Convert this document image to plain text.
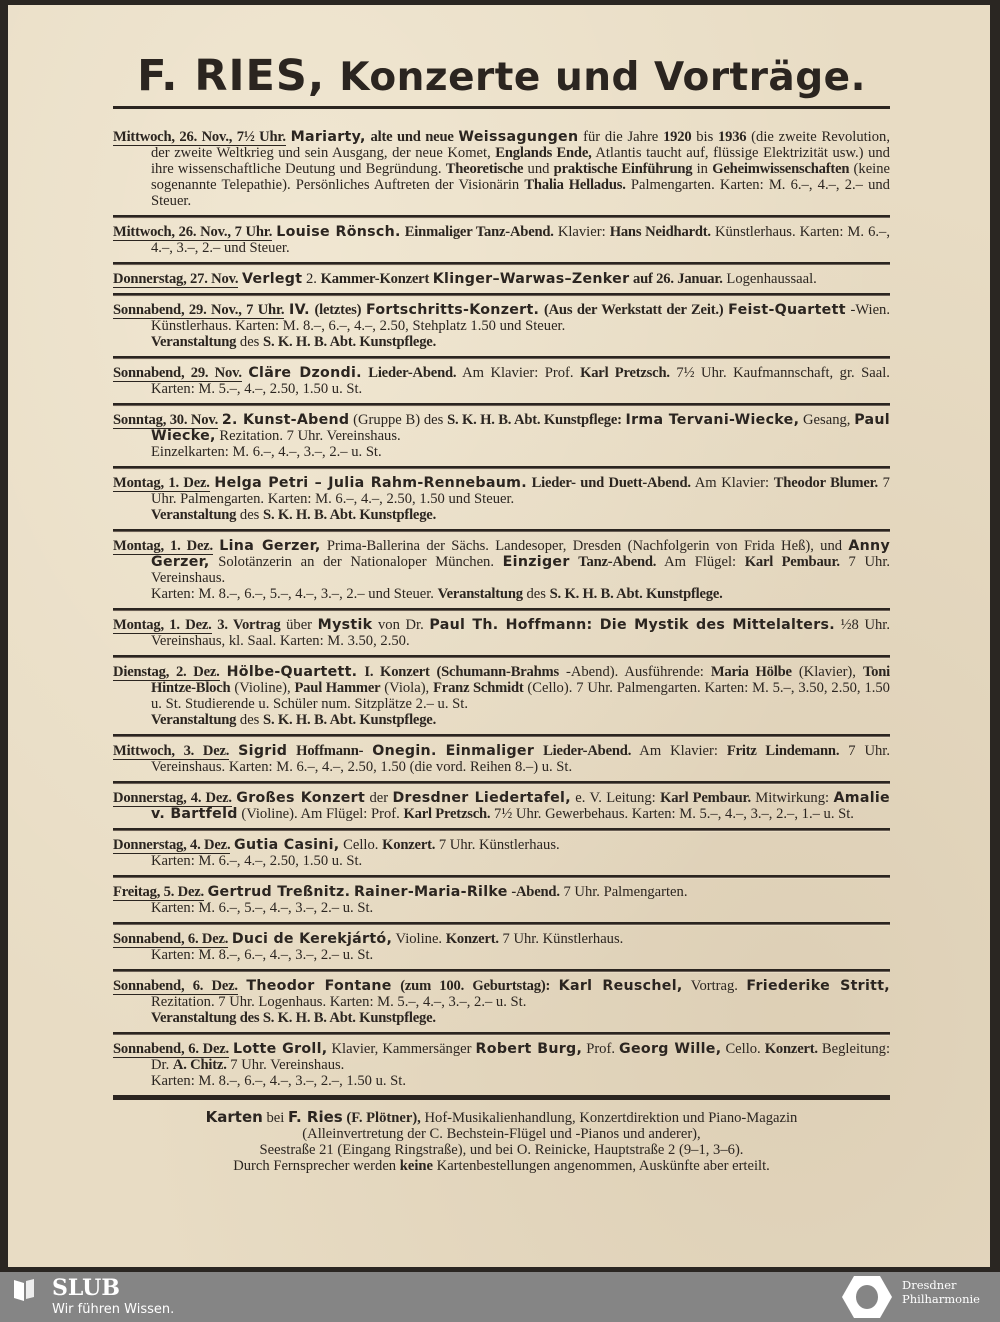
F. RIES, Konzerte und Vorträge.
Mittwoch, 26. Nov., 7½ Uhr. Mariarty, alte und neue Weissagungen für die Jahre 1920 bis 1936 (die zweite Revolution, der zweite Weltkrieg und sein Ausgang, der neue Komet, Englands Ende, Atlantis taucht auf, flüssige Elektrizität usw.) und ihre wissenschaftliche Deutung und Begründung. Theoretische und praktische Einführung in Geheimwissenschaften (keine sogenannte Telepathie). Persönliches Auftreten der Visionärin Thalia Helladus. Palmengarten. Karten: M. 6.–, 4.–, 2.– und Steuer.
Mittwoch, 26. Nov., 7 Uhr. Louise Rönsch. Einmaliger Tanz-Abend. Klavier: Hans Neidhardt. Künstlerhaus. Karten: M. 6.–, 4.–, 3.–, 2.– und Steuer.
Donnerstag, 27. Nov. Verlegt 2. Kammer-Konzert Klinger–Warwas–Zenker auf 26. Januar. Logenhaussaal.
Sonnabend, 29. Nov., 7 Uhr. IV. (letztes) Fortschritts-Konzert. (Aus der Werkstatt der Zeit.) Feist-Quartett -Wien. Künstlerhaus. Karten: M. 8.–, 6.–, 4.–, 2.50, Stehplatz 1.50 und Steuer.
Veranstaltung des S. K. H. B. Abt. Kunstpflege.
Sonnabend, 29. Nov. Cläre Dzondi. Lieder-Abend. Am Klavier: Prof. Karl Pretzsch. 7½ Uhr. Kaufmannschaft, gr. Saal. Karten: M. 5.–, 4.–, 2.50, 1.50 u. St.
Sonntag, 30. Nov. 2. Kunst-Abend (Gruppe B) des S. K. H. B. Abt. Kunstpflege: Irma Tervani-Wiecke, Gesang, Paul Wiecke, Rezitation. 7 Uhr. Vereinshaus.
Einzelkarten: M. 6.–, 4.–, 3.–, 2.– u. St.
Montag, 1. Dez. Helga Petri – Julia Rahm-Rennebaum. Lieder- und Duett-Abend. Am Klavier: Theodor Blumer. 7 Uhr. Palmengarten. Karten: M. 6.–, 4.–, 2.50, 1.50 und Steuer.
Veranstaltung des S. K. H. B. Abt. Kunstpflege.
Montag, 1. Dez. Lina Gerzer, Prima-Ballerina der Sächs. Landesoper, Dresden (Nachfolgerin von Frida Heß), und Anny Gerzer, Solotänzerin an der Nationaloper München. Einziger Tanz-Abend. Am Flügel: Karl Pembaur. 7 Uhr. Vereinshaus.
Karten: M. 8.–, 6.–, 5.–, 4.–, 3.–, 2.– und Steuer. Veranstaltung des S. K. H. B. Abt. Kunstpflege.
Montag, 1. Dez. 3. Vortrag über Mystik von Dr. Paul Th. Hoffmann: Die Mystik des Mittelalters. ½8 Uhr. Vereinshaus, kl. Saal. Karten: M. 3.50, 2.50.
Dienstag, 2. Dez. Hölbe-Quartett. I. Konzert (Schumann-Brahms -Abend). Ausführende: Maria Hölbe (Klavier), Toni Hintze-Bloch (Violine), Paul Hammer (Viola), Franz Schmidt (Cello). 7 Uhr. Palmengarten. Karten: M. 5.–, 3.50, 2.50, 1.50 u. St. Studierende u. Schüler num. Sitzplätze 2.– u. St.
Veranstaltung des S. K. H. B. Abt. Kunstpflege.
Mittwoch, 3. Dez. Sigrid Hoffmann- Onegin. Einmaliger Lieder-Abend. Am Klavier: Fritz Lindemann. 7 Uhr. Vereinshaus. Karten: M. 6.–, 4.–, 2.50, 1.50 (die vord. Reihen 8.–) u. St.
Donnerstag, 4. Dez. Großes Konzert der Dresdner Liedertafel, e. V. Leitung: Karl Pembaur. Mitwirkung: Amalie v. Bartfeld (Violine). Am Flügel: Prof. Karl Pretzsch. 7½ Uhr. Gewerbehaus. Karten: M. 5.–, 4.–, 3.–, 2.–, 1.– u. St.
Donnerstag, 4. Dez. Gutia Casini, Cello. Konzert. 7 Uhr. Künstlerhaus.
Karten: M. 6.–, 4.–, 2.50, 1.50 u. St.
Freitag, 5. Dez. Gertrud Treßnitz. Rainer-Maria-Rilke -Abend. 7 Uhr. Palmengarten.
Karten: M. 6.–, 5.–, 4.–, 3.–, 2.– u. St.
Sonnabend, 6. Dez. Duci de Kerekjártó, Violine. Konzert. 7 Uhr. Künstlerhaus.
Karten: M. 8.–, 6.–, 4.–, 3.–, 2.– u. St.
Sonnabend, 6. Dez. Theodor Fontane (zum 100. Geburtstag): Karl Reuschel, Vortrag. Friederike Stritt, Rezitation. 7 Uhr. Logenhaus. Karten: M. 5.–, 4.–, 3.–, 2.– u. St.
Veranstaltung des S. K. H. B. Abt. Kunstpflege.
Sonnabend, 6. Dez. Lotte Groll, Klavier, Kammersänger Robert Burg, Prof. Georg Wille, Cello. Konzert. Begleitung: Dr. A. Chitz. 7 Uhr. Vereinshaus.
Karten: M. 8.–, 6.–, 4.–, 3.–, 2.–, 1.50 u. St.
Karten bei F. Ries (F. Plötner), Hof-Musikalienhandlung, Konzertdirektion und Piano-Magazin
(Alleinvertretung der C. Bechstein-Flügel und -Pianos und anderer),
Seestraße 21 (Eingang Ringstraße), und bei O. Reinicke, Hauptstraße 2 (9–1, 3–6).
Durch Fernsprecher werden keine Kartenbestellungen angenommen, Auskünfte aber erteilt.
SLUB
Wir führen Wissen.
Dresdner
Philharmonie
